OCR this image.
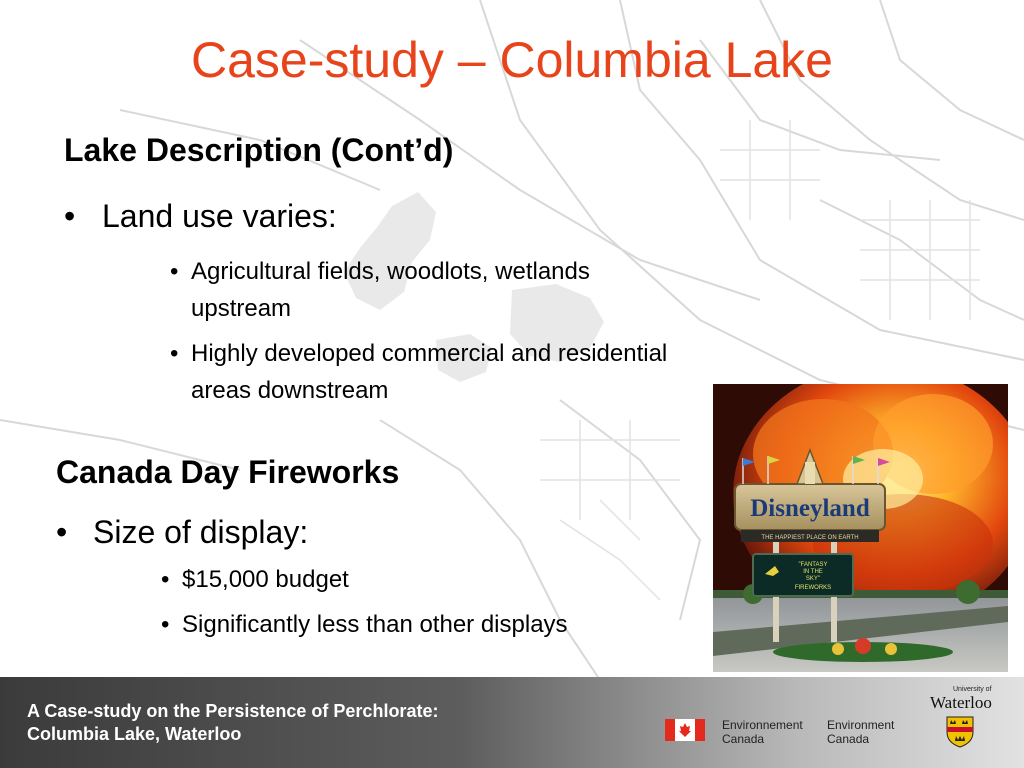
Case-study – Columbia Lake
Lake Description (Cont’d)
• Land use varies:
• Agricultural fields, woodlots, wetlands
upstream
• Highly developed commercial and residential
areas downstream
Canada Day Fireworks
• Size of display:
• $15,000 budget
• Significantly less than other displays
Disneyland
THE HAPPIEST PLACE ON EARTH
"FANTASY
IN THE
SKY"
FIREWORKS
A Case-study on the Persistence of Perchlorate:
Columbia Lake, Waterloo	Environnement
Canada
Environment
Canada
University of
Waterloo
